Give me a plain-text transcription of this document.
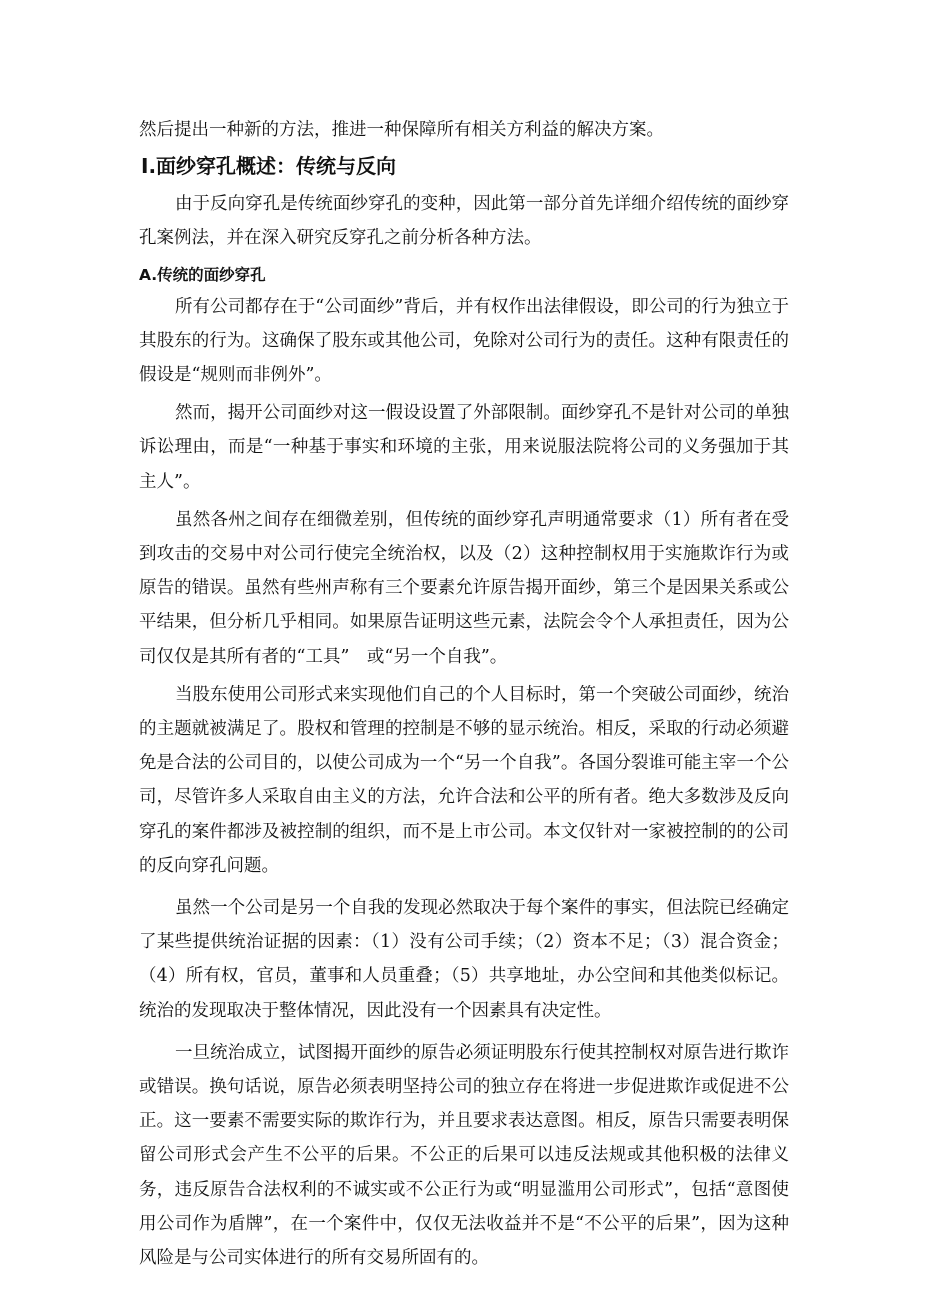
然后提出一种新的方法，推进一种保障所有相关方利益的解决方案。

Ⅰ.面纱穿孔概述：传统与反向

由于反向穿孔是传统面纱穿孔的变种，因此第一部分首先详细介绍传统的面纱穿孔案例法，并在深入研究反穿孔之前分析各种方法。

A.传统的面纱穿孔

所有公司都存在于“公司面纱”背后，并有权作出法律假设，即公司的行为独立于其股东的行为。这确保了股东或其他公司，免除对公司行为的责任。这种有限责任的假设是“规则而非例外”。

然而，揭开公司面纱对这一假设设置了外部限制。面纱穿孔不是针对公司的单独诉讼理由，而是“一种基于事实和环境的主张，用来说服法院将公司的义务强加于其主人”。

虽然各州之间存在细微差别，但传统的面纱穿孔声明通常要求（1）所有者在受到攻击的交易中对公司行使完全统治权，以及（2）这种控制权用于实施欺诈行为或原告的错误。虽然有些州声称有三个要素允许原告揭开面纱，第三个是因果关系或公平结果，但分析几乎相同。如果原告证明这些元素，法院会令个人承担责任，因为公司仅仅是其所有者的“工具”　或“另一个自我”。

当股东使用公司形式来实现他们自己的个人目标时，第一个突破公司面纱，统治的主题就被满足了。股权和管理的控制是不够的显示统治。相反，采取的行动必须避免是合法的公司目的，以使公司成为一个“另一个自我”。各国分裂谁可能主宰一个公司，尽管许多人采取自由主义的方法，允许合法和公平的所有者。绝大多数涉及反向穿孔的案件都涉及被控制的组织，而不是上市公司。本文仅针对一家被控制的的公司的反向穿孔问题。

虽然一个公司是另一个自我的发现必然取决于每个案件的事实，但法院已经确定了某些提供统治证据的因素：（1）没有公司手续；（2）资本不足；（3）混合资金；（4）所有权，官员，董事和人员重叠；（5）共享地址，办公空间和其他类似标记。统治的发现取决于整体情况，因此没有一个因素具有决定性。

一旦统治成立，试图揭开面纱的原告必须证明股东行使其控制权对原告进行欺诈或错误。换句话说，原告必须表明坚持公司的独立存在将进一步促进欺诈或促进不公正。这一要素不需要实际的欺诈行为，并且要求表达意图。相反，原告只需要表明保留公司形式会产生不公平的后果。不公正的后果可以违反法规或其他积极的法律义务，违反原告合法权利的不诚实或不公正行为或“明显滥用公司形式”，包括“意图使用公司作为盾牌”，在一个案件中，仅仅无法收益并不是“不公平的后果”，因为这种风险是与公司实体进行的所有交易所固有的。
